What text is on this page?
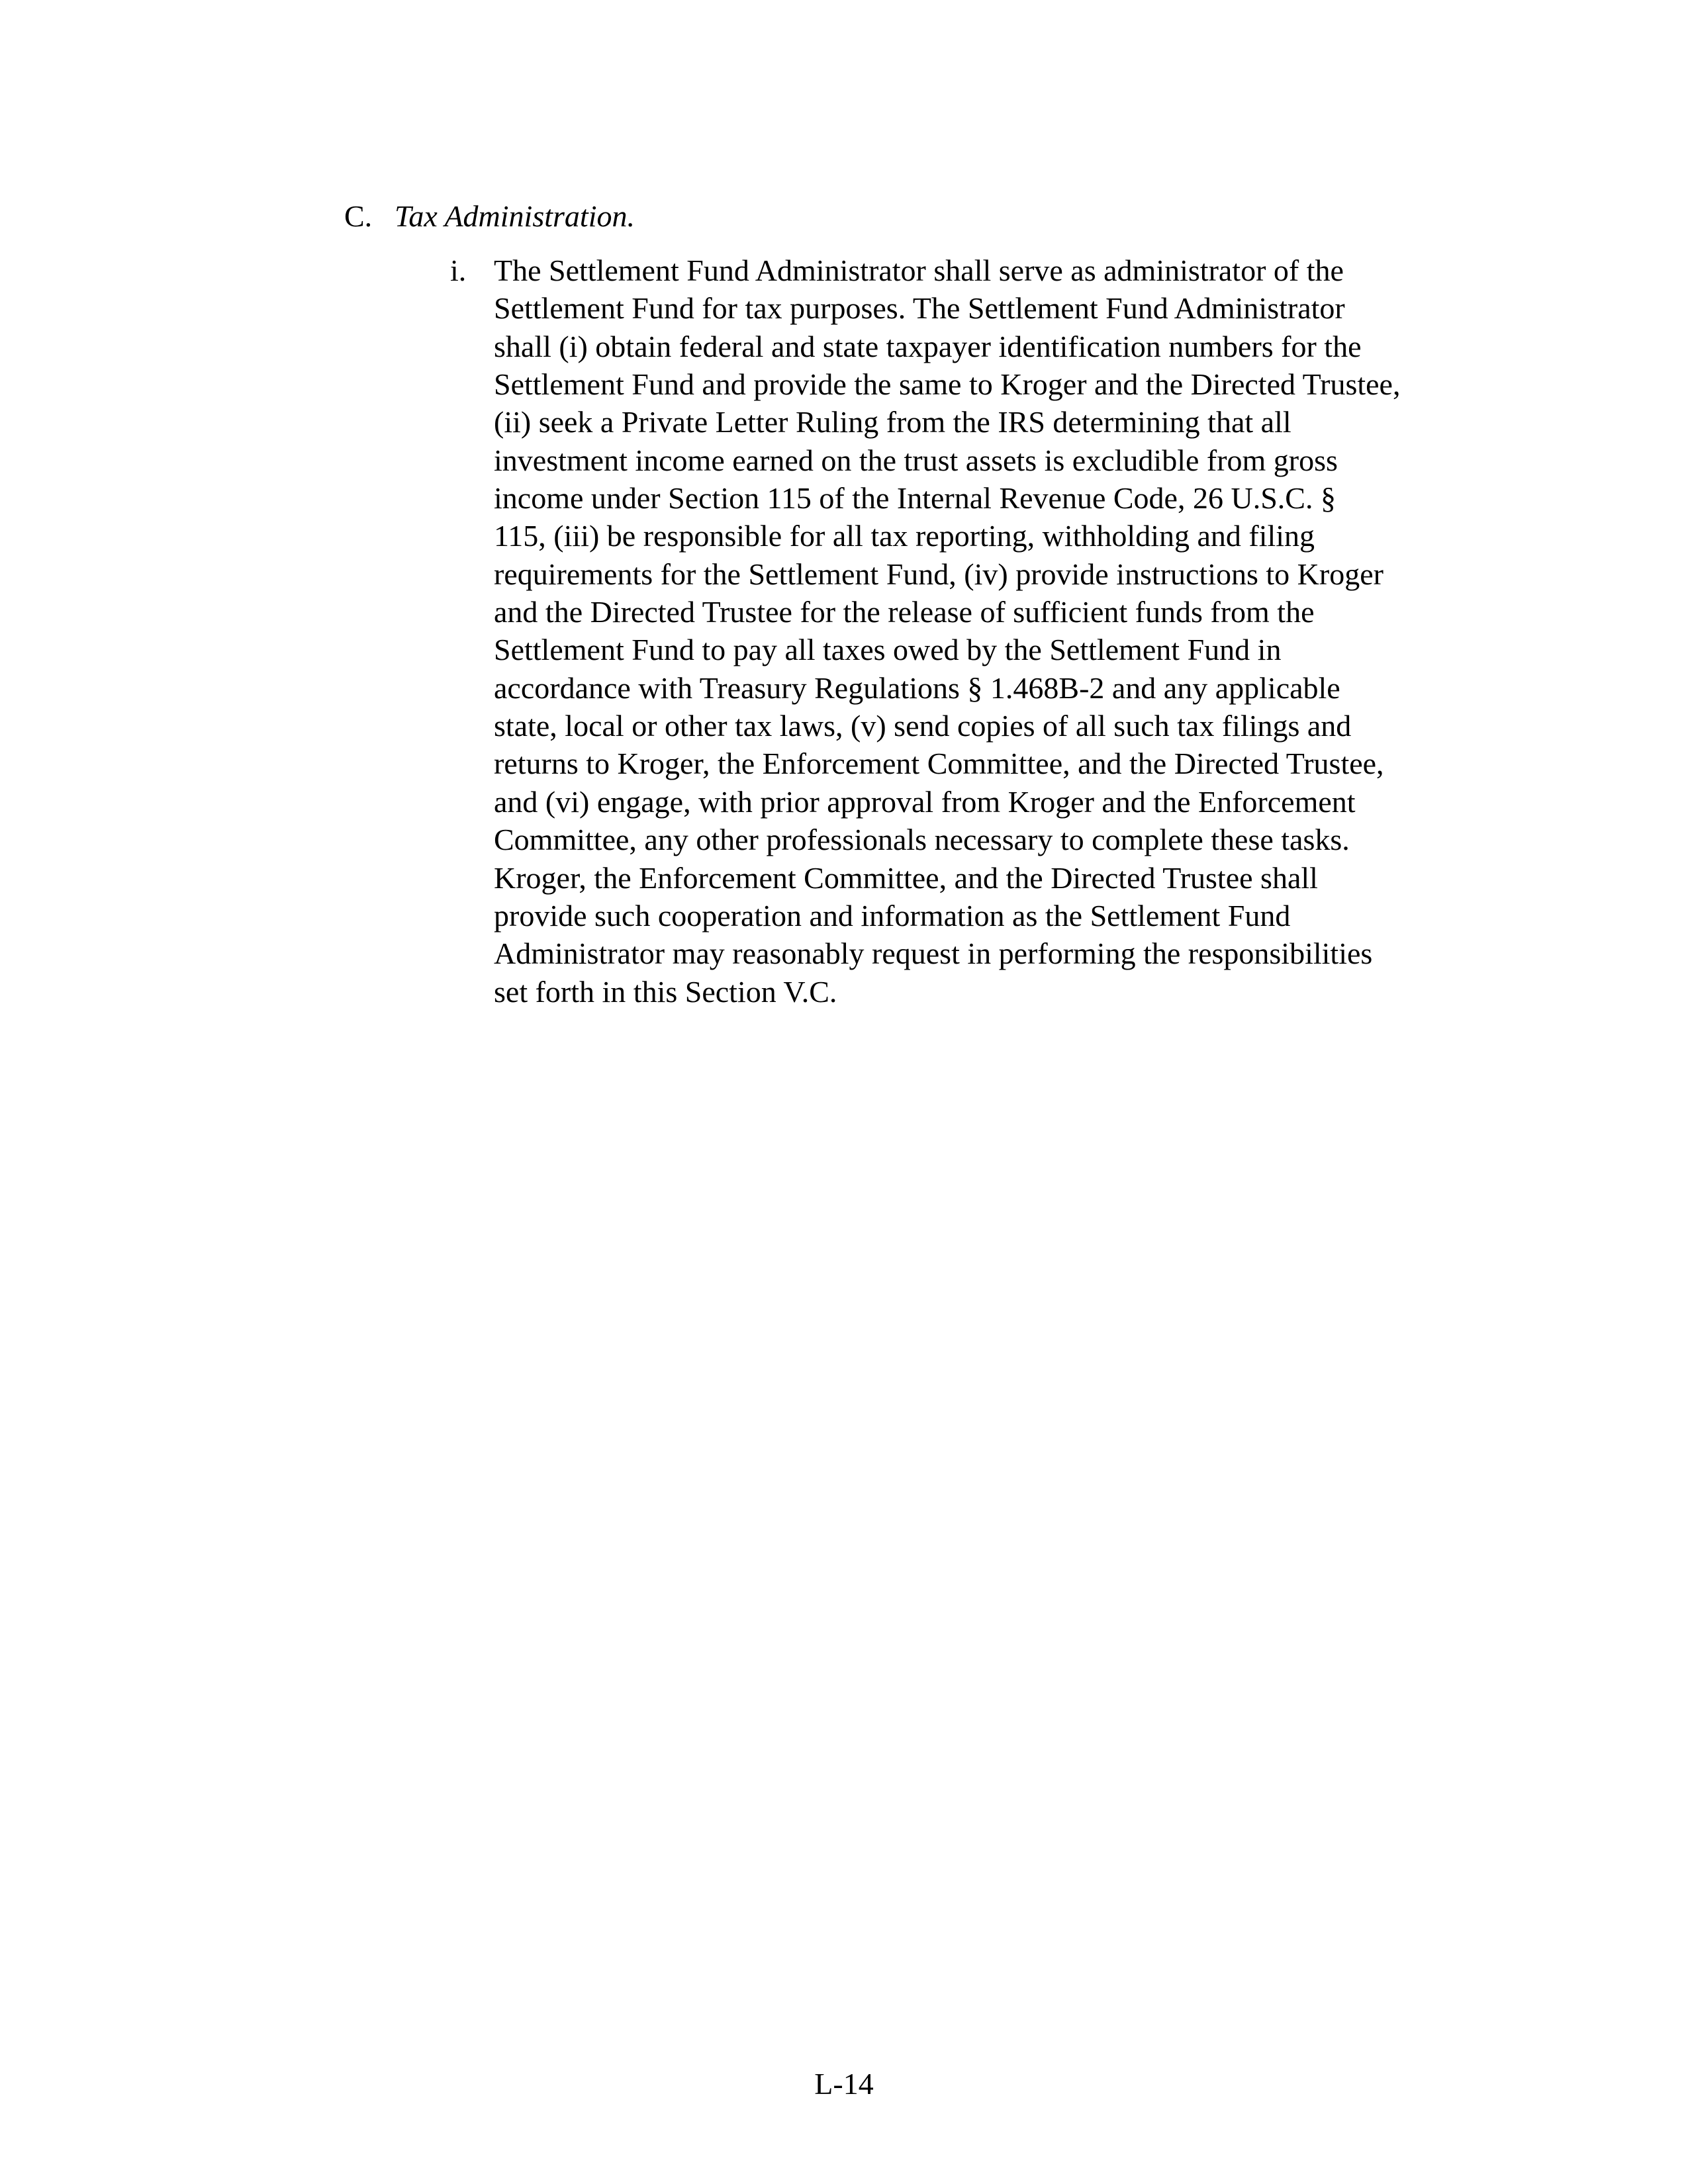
C. Tax Administration.
i. The Settlement Fund Administrator shall serve as administrator of the
Settlement Fund for tax purposes. The Settlement Fund Administrator
shall (i) obtain federal and state taxpayer identification numbers for the
Settlement Fund and provide the same to Kroger and the Directed Trustee,
(ii) seek a Private Letter Ruling from the IRS determining that all
investment income earned on the trust assets is excludible from gross
income under Section 115 of the Internal Revenue Code, 26 U.S.C. §
115, (iii) be responsible for all tax reporting, withholding and filing
requirements for the Settlement Fund, (iv) provide instructions to Kroger
and the Directed Trustee for the release of sufficient funds from the
Settlement Fund to pay all taxes owed by the Settlement Fund in
accordance with Treasury Regulations § 1.468B-2 and any applicable
state, local or other tax laws, (v) send copies of all such tax filings and
returns to Kroger, the Enforcement Committee, and the Directed Trustee,
and (vi) engage, with prior approval from Kroger and the Enforcement
Committee, any other professionals necessary to complete these tasks.
Kroger, the Enforcement Committee, and the Directed Trustee shall
provide such cooperation and information as the Settlement Fund
Administrator may reasonably request in performing the responsibilities
set forth in this Section V.C.
L-14
